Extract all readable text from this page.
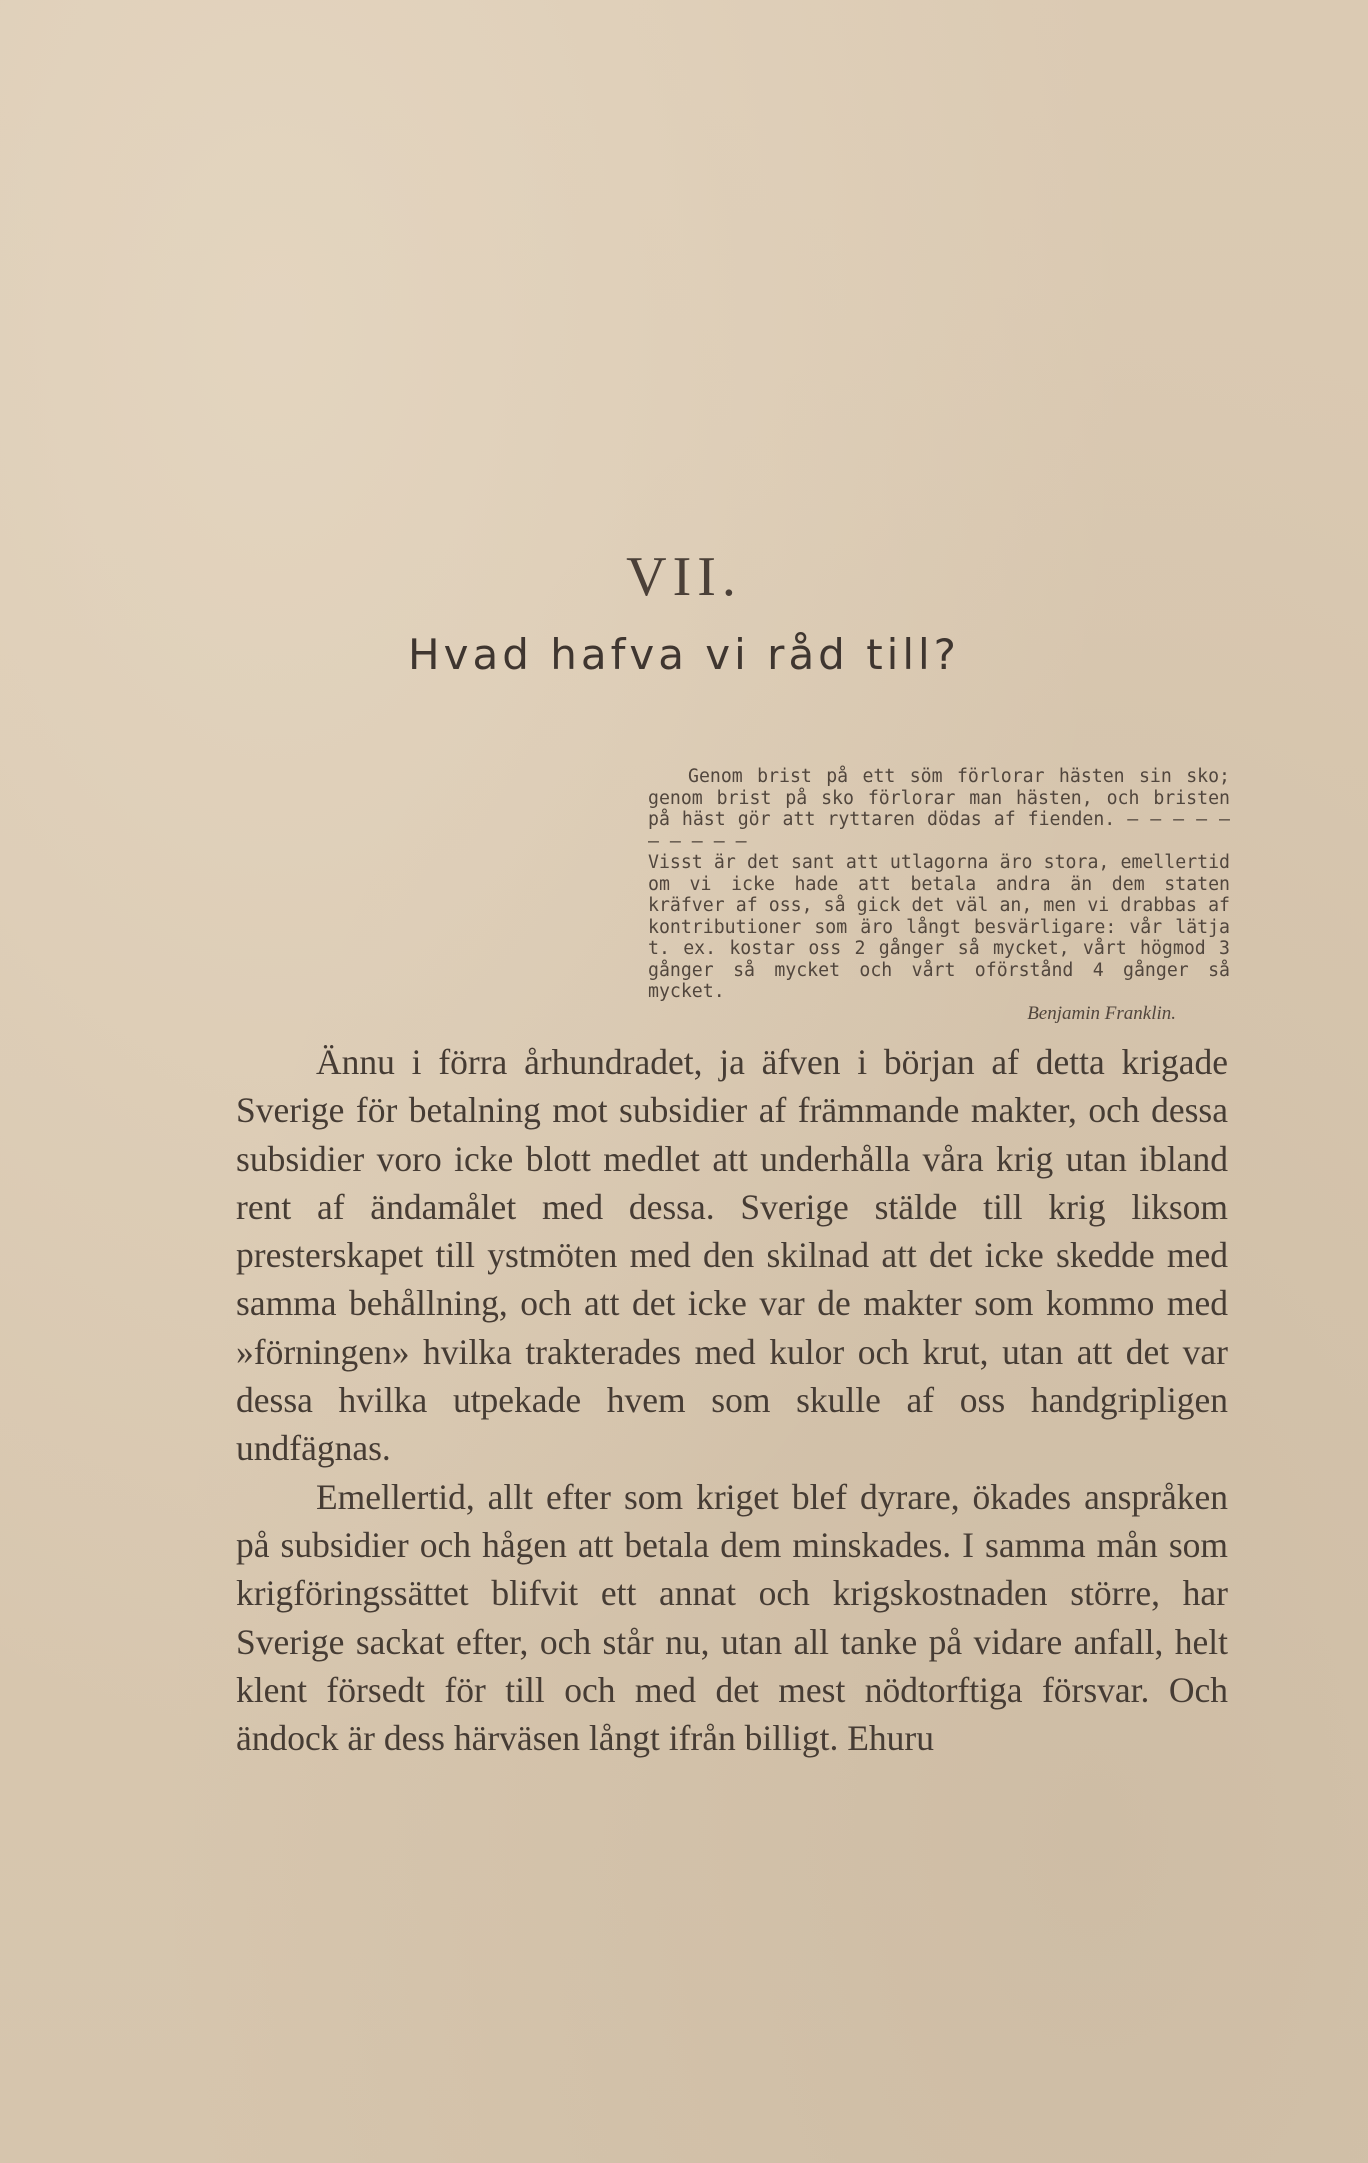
VII.
Hvad hafva vi råd till?

Genom brist på ett söm förlorar hästen sin sko; genom brist på sko förlorar man hästen, och bristen på häst gör att ryttaren dödas af fienden. — — — — — — — — — —

Visst är det sant att utlagorna äro stora, emellertid om vi icke hade att betala andra än dem staten kräfver af oss, så gick det väl an, men vi drabbas af kontributioner som äro långt besvärligare: vår lätja t. ex. kostar oss 2 gånger så mycket, vårt högmod 3 gånger så mycket och vårt oförstånd 4 gånger så mycket.

Benjamin Franklin.

Ännu i förra århundradet, ja äfven i början af detta krigade Sverige för betalning mot subsidier af främmande makter, och dessa subsidier voro icke blott medlet att underhålla våra krig utan ibland rent af ändamålet med dessa. Sverige stälde till krig liksom presterskapet till ystmöten med den skilnad att det icke skedde med samma behållning, och att det icke var de makter som kommo med »förningen» hvilka trakterades med kulor och krut, utan att det var dessa hvilka utpekade hvem som skulle af oss handgripligen undfägnas.

Emellertid, allt efter som kriget blef dyrare, ökades anspråken på subsidier och hågen att betala dem minskades. I samma mån som krigföringssättet blifvit ett annat och krigskostnaden större, har Sverige sackat efter, och står nu, utan all tanke på vidare anfall, helt klent försedt för till och med det mest nödtorftiga försvar. Och ändock är dess härväsen långt ifrån billigt. Ehuru
